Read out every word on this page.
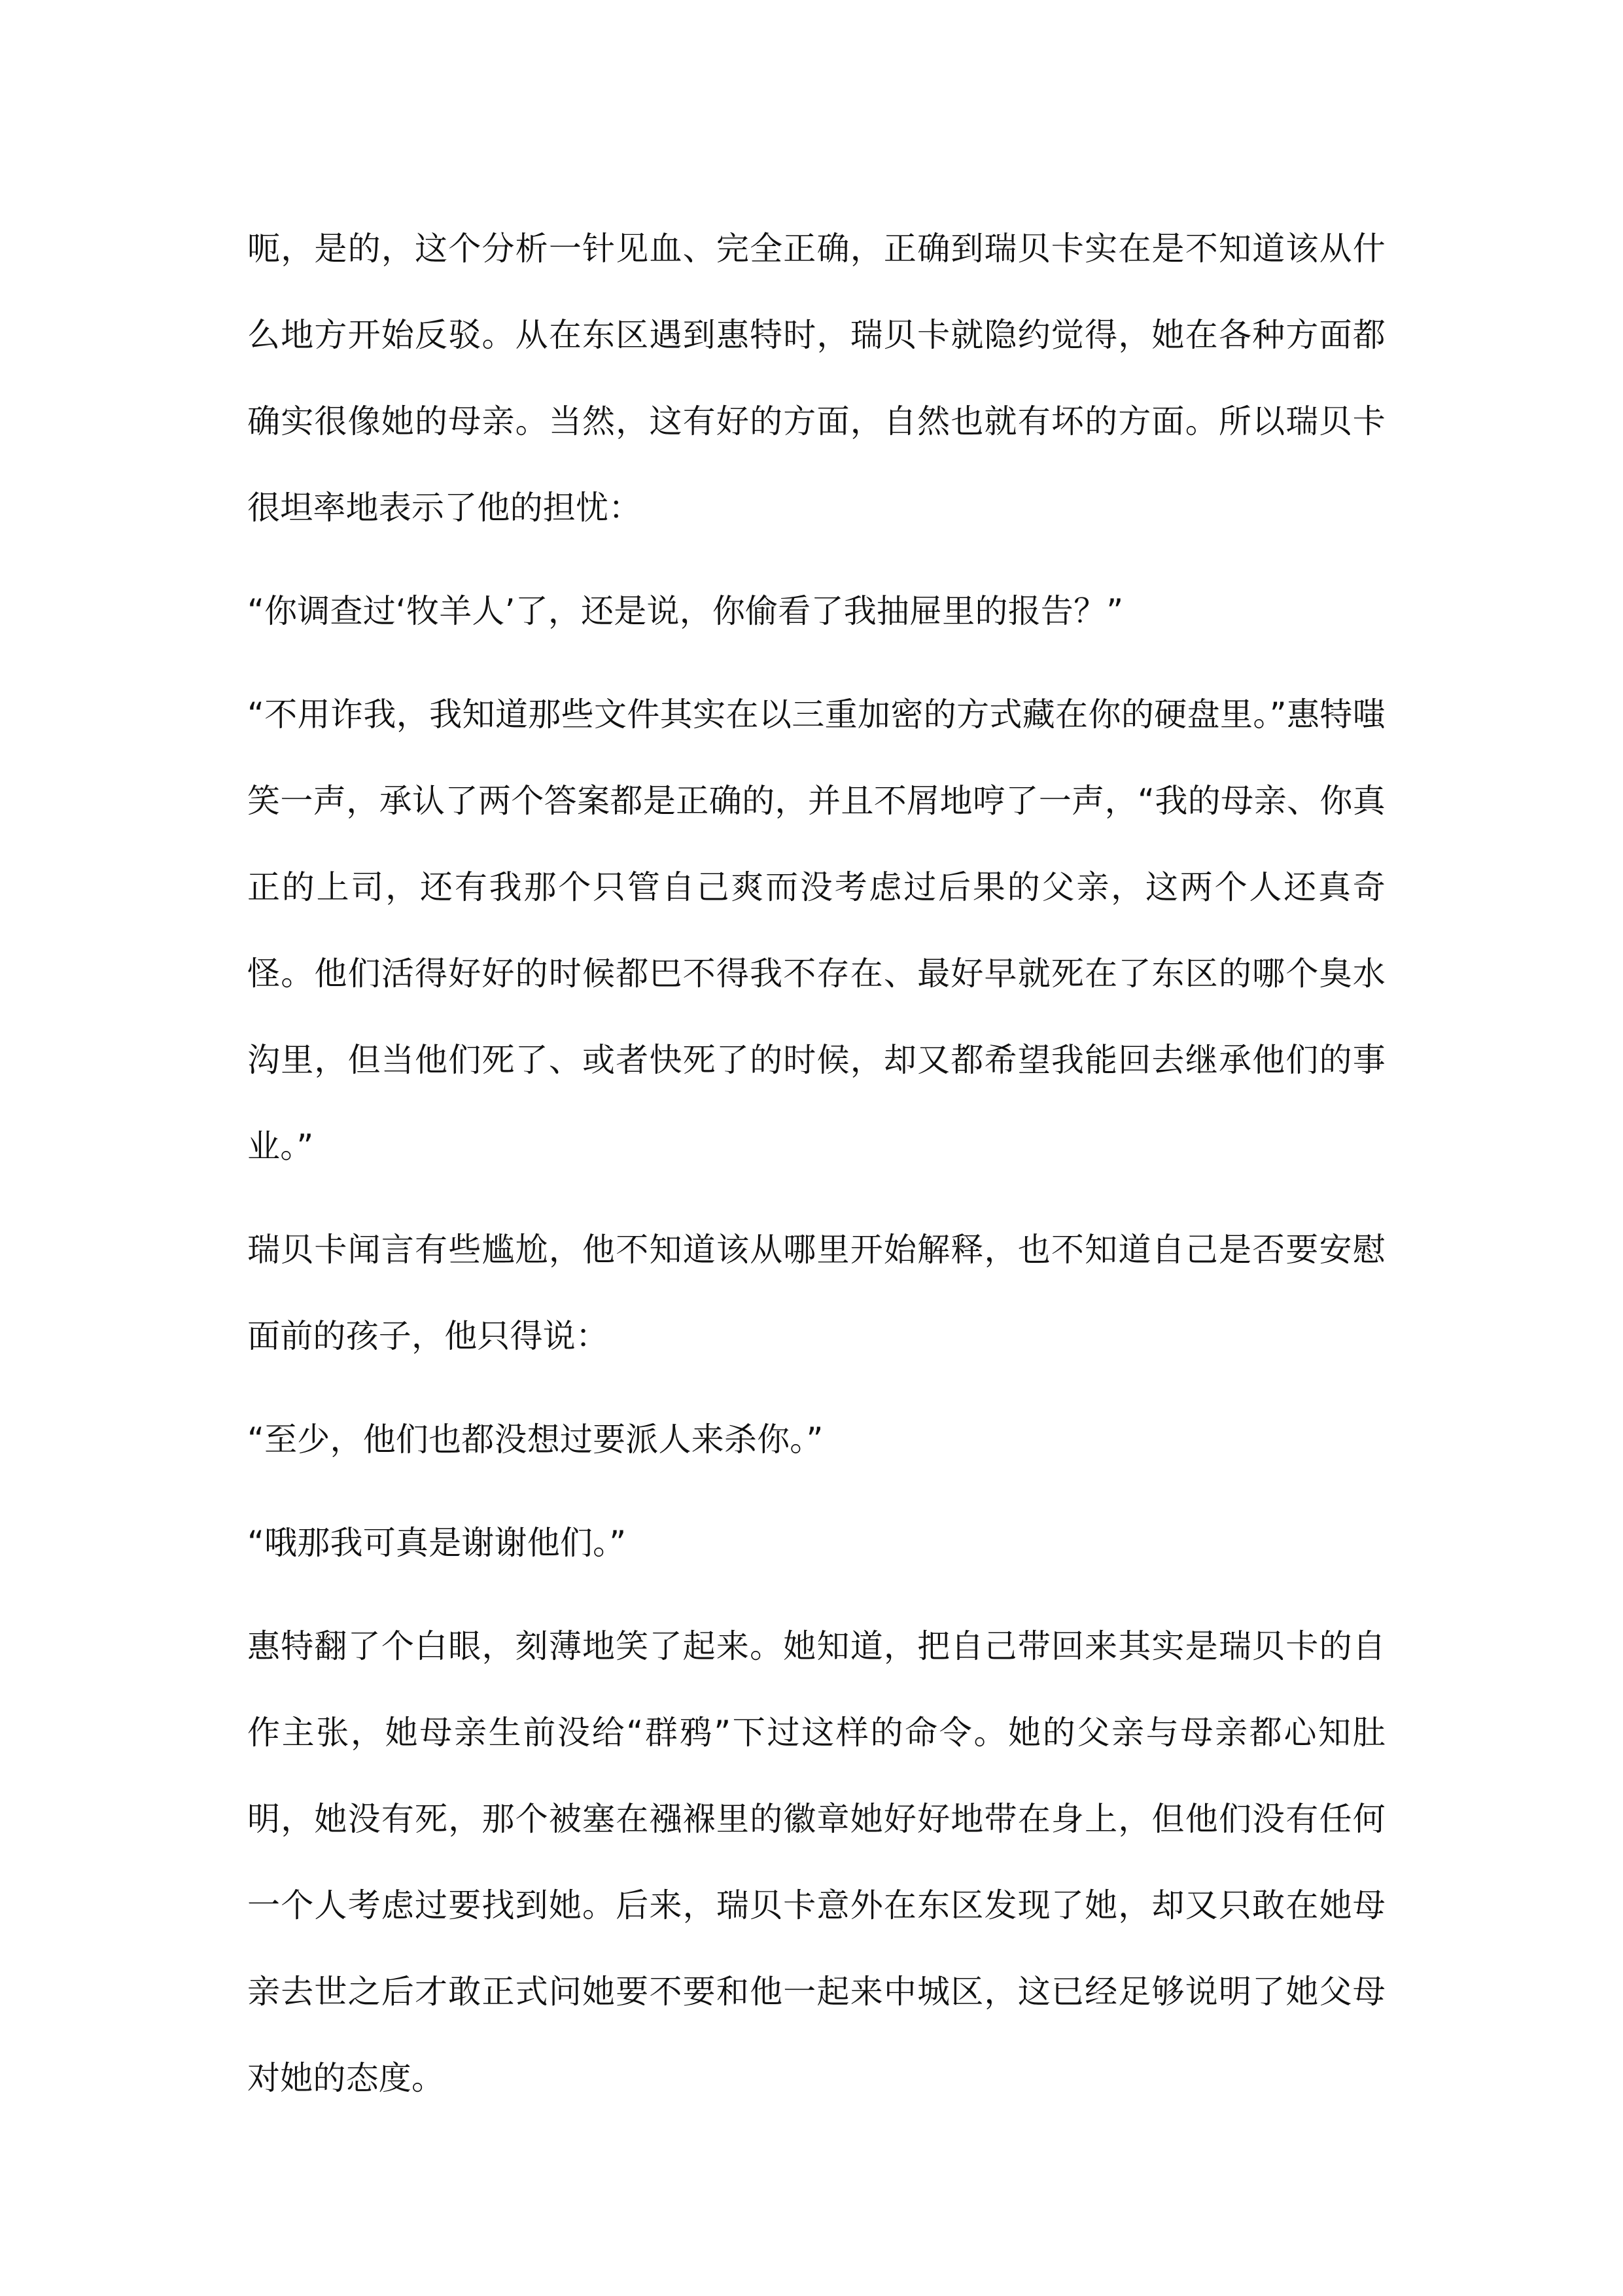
呃，是的，这个分析一针见血、完全正确，正确到瑞贝卡实在是不知道该从什么地方开始反驳。从在东区遇到惠特时，瑞贝卡就隐约觉得，她在各种方面都确实很像她的母亲。当然，这有好的方面，自然也就有坏的方面。所以瑞贝卡很坦率地表示了他的担忧：

“你调查过‘牧羊人’了，还是说，你偷看了我抽屉里的报告？”

“不用诈我，我知道那些文件其实在以三重加密的方式藏在你的硬盘里。”惠特嗤笑一声，承认了两个答案都是正确的，并且不屑地哼了一声，“我的母亲、你真正的上司，还有我那个只管自己爽而没考虑过后果的父亲，这两个人还真奇怪。他们活得好好的时候都巴不得我不存在、最好早就死在了东区的哪个臭水沟里，但当他们死了、或者快死了的时候，却又都希望我能回去继承他们的事业。”

瑞贝卡闻言有些尴尬，他不知道该从哪里开始解释，也不知道自己是否要安慰面前的孩子，他只得说：

“至少，他们也都没想过要派人来杀你。”

“哦那我可真是谢谢他们。”

惠特翻了个白眼，刻薄地笑了起来。她知道，把自己带回来其实是瑞贝卡的自作主张，她母亲生前没给“群鸦”下过这样的命令。她的父亲与母亲都心知肚明，她没有死，那个被塞在襁褓里的徽章她好好地带在身上，但他们没有任何一个人考虑过要找到她。后来，瑞贝卡意外在东区发现了她，却又只敢在她母亲去世之后才敢正式问她要不要和他一起来中城区，这已经足够说明了她父母对她的态度。
